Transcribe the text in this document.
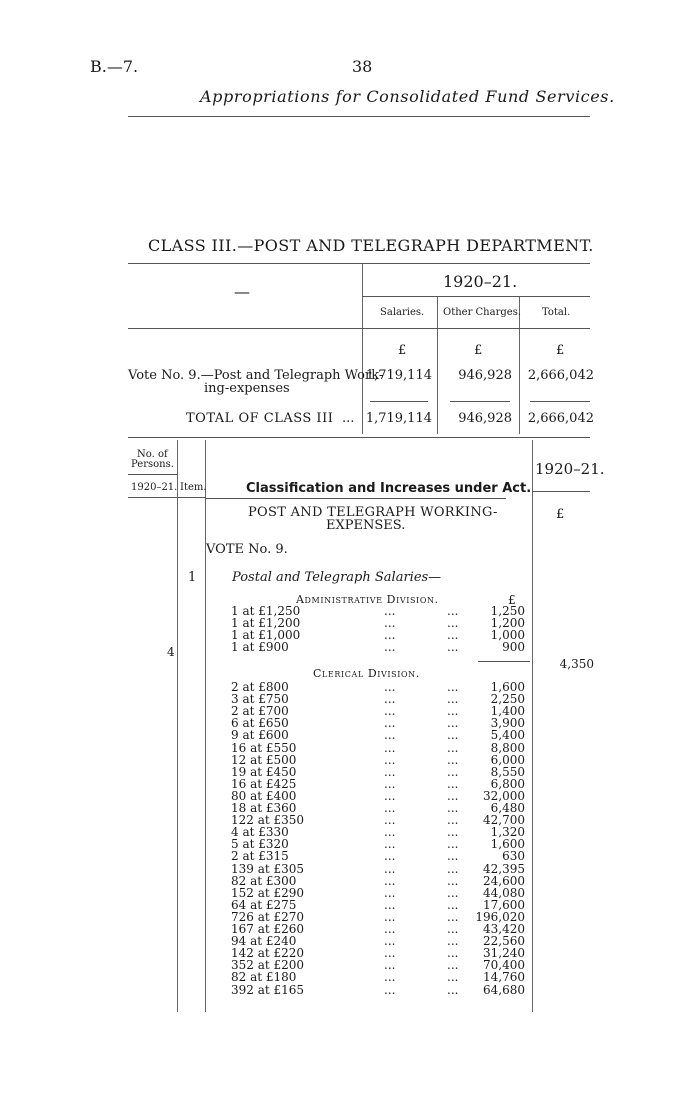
B.—7.	38
Appropriations for Consolidated Fund Services.
CLASS III.—POST AND TELEGRAPH DEPARTMENT.
—
1920–21.
Salaries. Other Charges. Total.
£	£	£
Vote No. 9.—Post and Telegraph Work-
ing-expenses
1,719,114	946,928	2,666,042
TOTAL OF CLASS III ... 1,719,114	946,928	2,666,042
No. of
Persons.
1920–21. Item.
1920–21.
Classification and Increases under Act.
POST AND TELEGRAPH WORKING-
EXPENSES.
£
VOTE No. 9.
1	Postal and Telegraph Salaries—
Administrative Division.	£
1 at £1,250	...	...	1,250
1 at £1,200	...	...	1,200
1 at £1,000	...	...	1,000
1 at £900	...	...	900
4
4,350
Clerical Division.
2 at £800	...	...	1,600
3 at £750	...	...	2,250
2 at £700	...	...	1,400
6 at £650	...	...	3,900
9 at £600	...	...	5,400
16 at £550	...	...	8,800
12 at £500	...	...	6,000
19 at £450	...	...	8,550
16 at £425	...	...	6,800
80 at £400	...	...	32,000
18 at £360	...	...	6,480
122 at £350	...	...	42,700
4 at £330	...	...	1,320
5 at £320	...	...	1,600
2 at £315	...	...	630
139 at £305	...	...	42,395
82 at £300	...	...	24,600
152 at £290	...	...	44,080
64 at £275	...	...	17,600
726 at £270	...	...	196,020
167 at £260	...	...	43,420
94 at £240	...	...	22,560
142 at £220	...	...	31,240
352 at £200	...	...	70,400
82 at £180	...	...	14,760
392 at £165	...	...	64,680
